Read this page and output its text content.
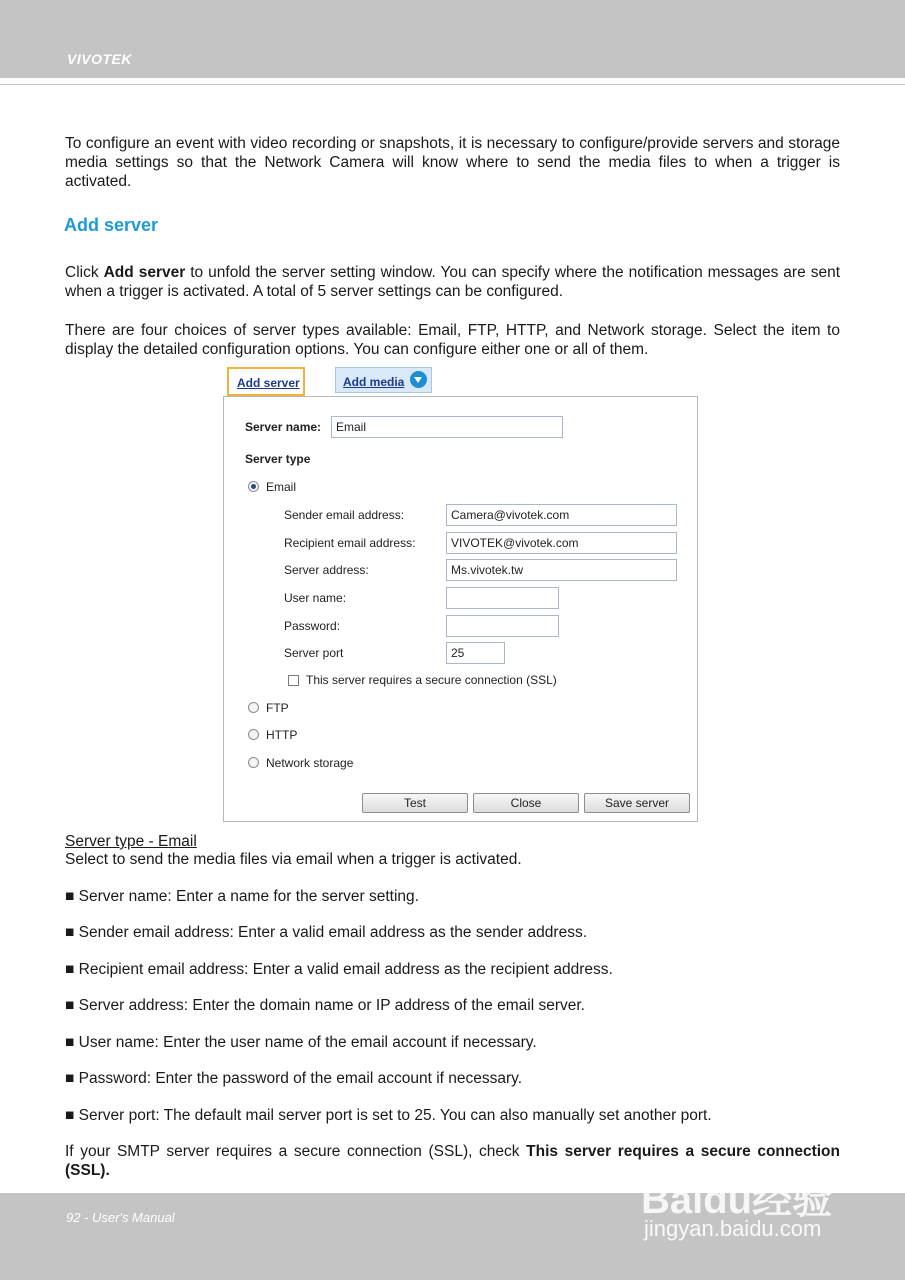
VIVOTEK
To configure an event with video recording or snapshots, it is necessary to configure/provide servers and storage media settings so that the Network Camera will know where to send the media files to when a trigger is activated.
Add server
Click Add server to unfold the server setting window. You can specify where the notification messages are sent when a trigger is activated. A total of 5 server settings can be configured.
There are four choices of server types available: Email, FTP, HTTP, and Network storage. Select the item to display the detailed configuration options. You can configure either one or all of them.
Add server	Add media
Server name:	Email
Server type
Email
Sender email address:	Camera@vivotek.com
Recipient email address:	VIVOTEK@vivotek.com
Server address:	Ms.vivotek.tw
User name:
Password:
Server port	25
This server requires a secure connection (SSL)
FTP
HTTP
Network storage
Test	Close	Save server
Server type - Email
Select to send the media files via email when a trigger is activated.
■ Server name: Enter a name for the server setting.
■ Sender email address: Enter a valid email address as the sender address.
■ Recipient email address: Enter a valid email address as the recipient address.
■ Server address: Enter the domain name or IP address of the email server.
■ User name: Enter the user name of the email account if necessary.
■ Password: Enter the password of the email account if necessary.
■ Server port: The default mail server port is set to 25. You can also manually set another port.
If your SMTP server requires a secure connection (SSL), check This server requires a secure connection (SSL).
92 - User's Manual	Baidu经验
jingyan.baidu.com
